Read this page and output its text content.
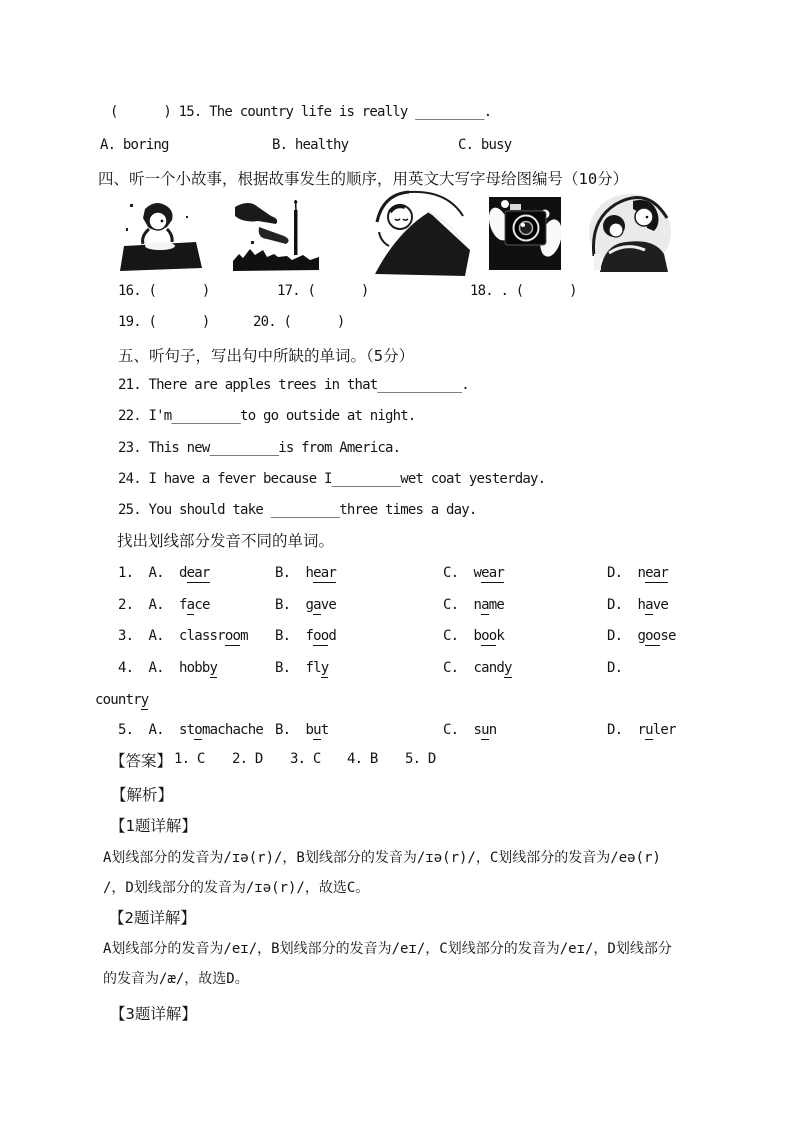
(      ) 15. The country life is really _________.
A. boring	B. healthy	C. busy
四、听一个小故事，根据故事发生的顺序，用英文大写字母给图编号（10分）
16. (      )	17. (      )	18. . (      )
19. (      )	20. (      )
五、听句子，写出句中所缺的单词。（5分）
21. There are apples trees in that___________.
22. I'm_________to go outside at night.
23. This new_________is from America.
24. I have a fever because I_________wet coat yesterday.
25. You should take _________three times a day.
找出划线部分发音不同的单词。
1.  A.  dear	B.  hear	C.  wear	D.  near
2.  A.  face	B.  gave	C.  name	D.  have
3.  A.  classroom B.  food	C.  book	D.  goose
4.  A.  hobby	B.  fly	C.  candy	D.
country
5.  A.  stomachache B.  but	C.  sun	D.  ruler
【答案】 1. C 2. D 3. C 4. B 5. D
【解析】
【1题详解】
A划线部分的发音为/ɪə(r)/，B划线部分的发音为/ɪə(r)/，C划线部分的发音为/eə(r)
/，D划线部分的发音为/ɪə(r)/，故选C。
【2题详解】
A划线部分的发音为/eɪ/，B划线部分的发音为/eɪ/，C划线部分的发音为/eɪ/，D划线部分
的发音为/æ/，故选D。
【3题详解】
